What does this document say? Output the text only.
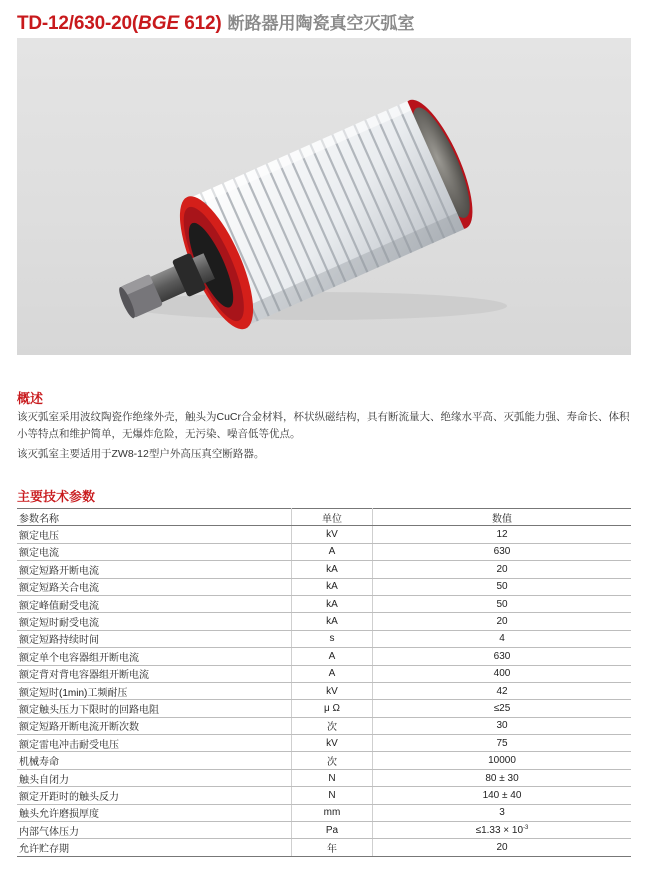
TD-12/630-20(BGE 612) 断路器用陶瓷真空灭弧室
概述
该灭弧室采用波纹陶瓷作绝缘外壳，触头为CuCr合金材料，杯状纵磁结构，具有断流量大、绝缘水平高、灭弧能力强、寿命长、体积小等特点和维护简单，无爆炸危险，无污染、噪音低等优点。
该灭弧室主要适用于ZW8-12型户外高压真空断路器。
主要技术参数
参数名称	单位	数值
额定电压	kV	12
额定电流	A	630
额定短路开断电流	kA	20
额定短路关合电流	kA	50
额定峰值耐受电流	kA	50
额定短时耐受电流	kA	20
额定短路持续时间	s	4
额定单个电容器组开断电流	A	630
额定背对背电容器组开断电流	A	400
额定短时(1min)工频耐压	kV	42
额定触头压力下限时的回路电阻	μ Ω	≤25
额定短路开断电流开断次数	次	30
额定雷电冲击耐受电压	kV	75
机械寿命	次	10000
触头自闭力	N	80 ± 30
额定开距时的触头反力	N	140 ± 40
触头允许磨损厚度	mm	3
内部气体压力	Pa	$\le 1.33 \times 10^{-3}$
允许贮存期	年	20
